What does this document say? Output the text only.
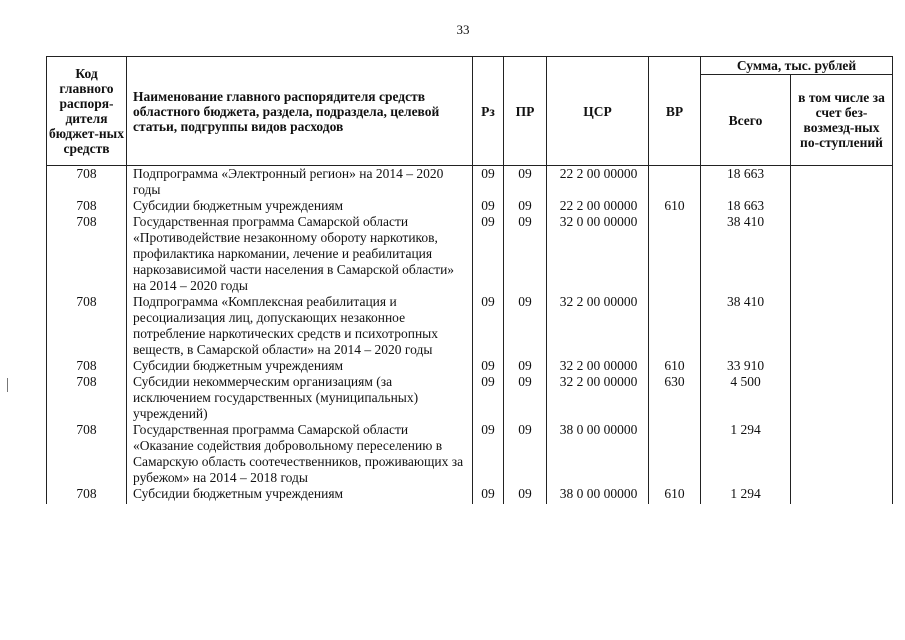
33
Код главного распоря-дителя бюджет-ных средств	Наименование главного распорядителя средств областного бюджета, раздела, подраздела, целевой статьи, подгруппы видов расходов	Рз	ПР	ЦСР	ВР	Сумма, тыс. рублей	
						Всего	в том числе за счет без-возмезд-ных по-ступлений
708	Подпрограмма «Электронный регион» на 2014 – 2020 годы	09	09	22 2 00 00000		18 663	
708	Субсидии бюджетным учреждениям	09	09	22 2 00 00000	610	18 663	
708	Государственная программа Самарской области «Противодействие незаконному обороту наркотиков, профилактика наркомании, лечение и реабилитация наркозависимой части населения в Самарской области» на 2014 – 2020 годы	09	09	32 0 00 00000		38 410	
708	Подпрограмма «Комплексная реабилитация и ресоциализация лиц, допускающих незаконное потребление наркотических средств и психотропных веществ, в Самарской области» на 2014 – 2020 годы	09	09	32 2 00 00000		38 410	
708	Субсидии бюджетным учреждениям	09	09	32 2 00 00000	610	33 910	
708	Субсидии некоммерческим организациям (за исключением государственных (муниципальных) учреждений)	09	09	32 2 00 00000	630	4 500	
708	Государственная программа Самарской области «Оказание содействия добровольному переселению в Самарскую область соотечественников, проживающих за рубежом» на 2014 – 2018 годы	09	09	38 0 00 00000		1 294	
708	Субсидии бюджетным учреждениям	09	09	38 0 00 00000	610	1 294	
